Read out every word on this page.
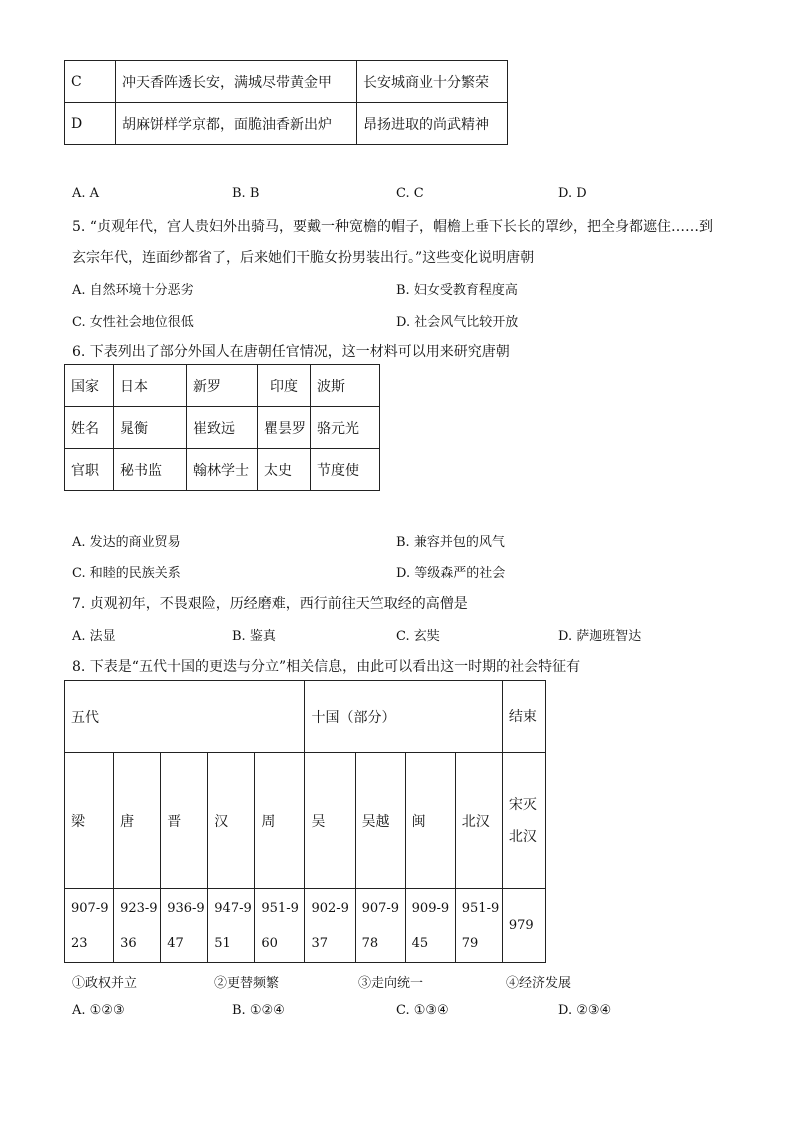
C	冲天香阵透长安，满城尽带黄金甲	长安城商业十分繁荣
D	胡麻饼样学京都，面脆油香新出炉	昂扬进取的尚武精神
A. A	B. B	C. C	D. D
5. “贞观年代，宫人贵妇外出骑马，要戴一种宽檐的帽子，帽檐上垂下长长的罩纱，把全身都遮住……到
玄宗年代，连面纱都省了，后来她们干脆女扮男装出行。”这些变化说明唐朝
A. 自然环境十分恶劣	B. 妇女受教育程度高
C. 女性社会地位很低	D. 社会风气比较开放
6. 下表列出了部分外国人在唐朝任官情况，这一材料可以用来研究唐朝
国家	日本	新罗	印度	波斯
姓名	晁衡	崔致远	瞿昙罗	骆元光
官职	秘书监	翰林学士	太史	节度使
A. 发达的商业贸易	B. 兼容并包的风气
C. 和睦的民族关系	D. 等级森严的社会
7. 贞观初年，不畏艰险，历经磨难，西行前往天竺取经的高僧是
A. 法显	B. 鉴真	C. 玄奘	D. 萨迦班智达
8. 下表是“五代十国的更迭与分立”相关信息，由此可以看出这一时期的社会特征有
五代					十国（部分）				结束
梁	唐	晋	汉	周	吴	吴越	闽	北汉	宋灭北汉
907-923	923-936	936-947	947-951	951-960	902-937	907-978	909-945	951-979	979
①政权并立	②更替频繁	③走向统一	④经济发展
A. ①②③	B. ①②④	C. ①③④	D. ②③④
